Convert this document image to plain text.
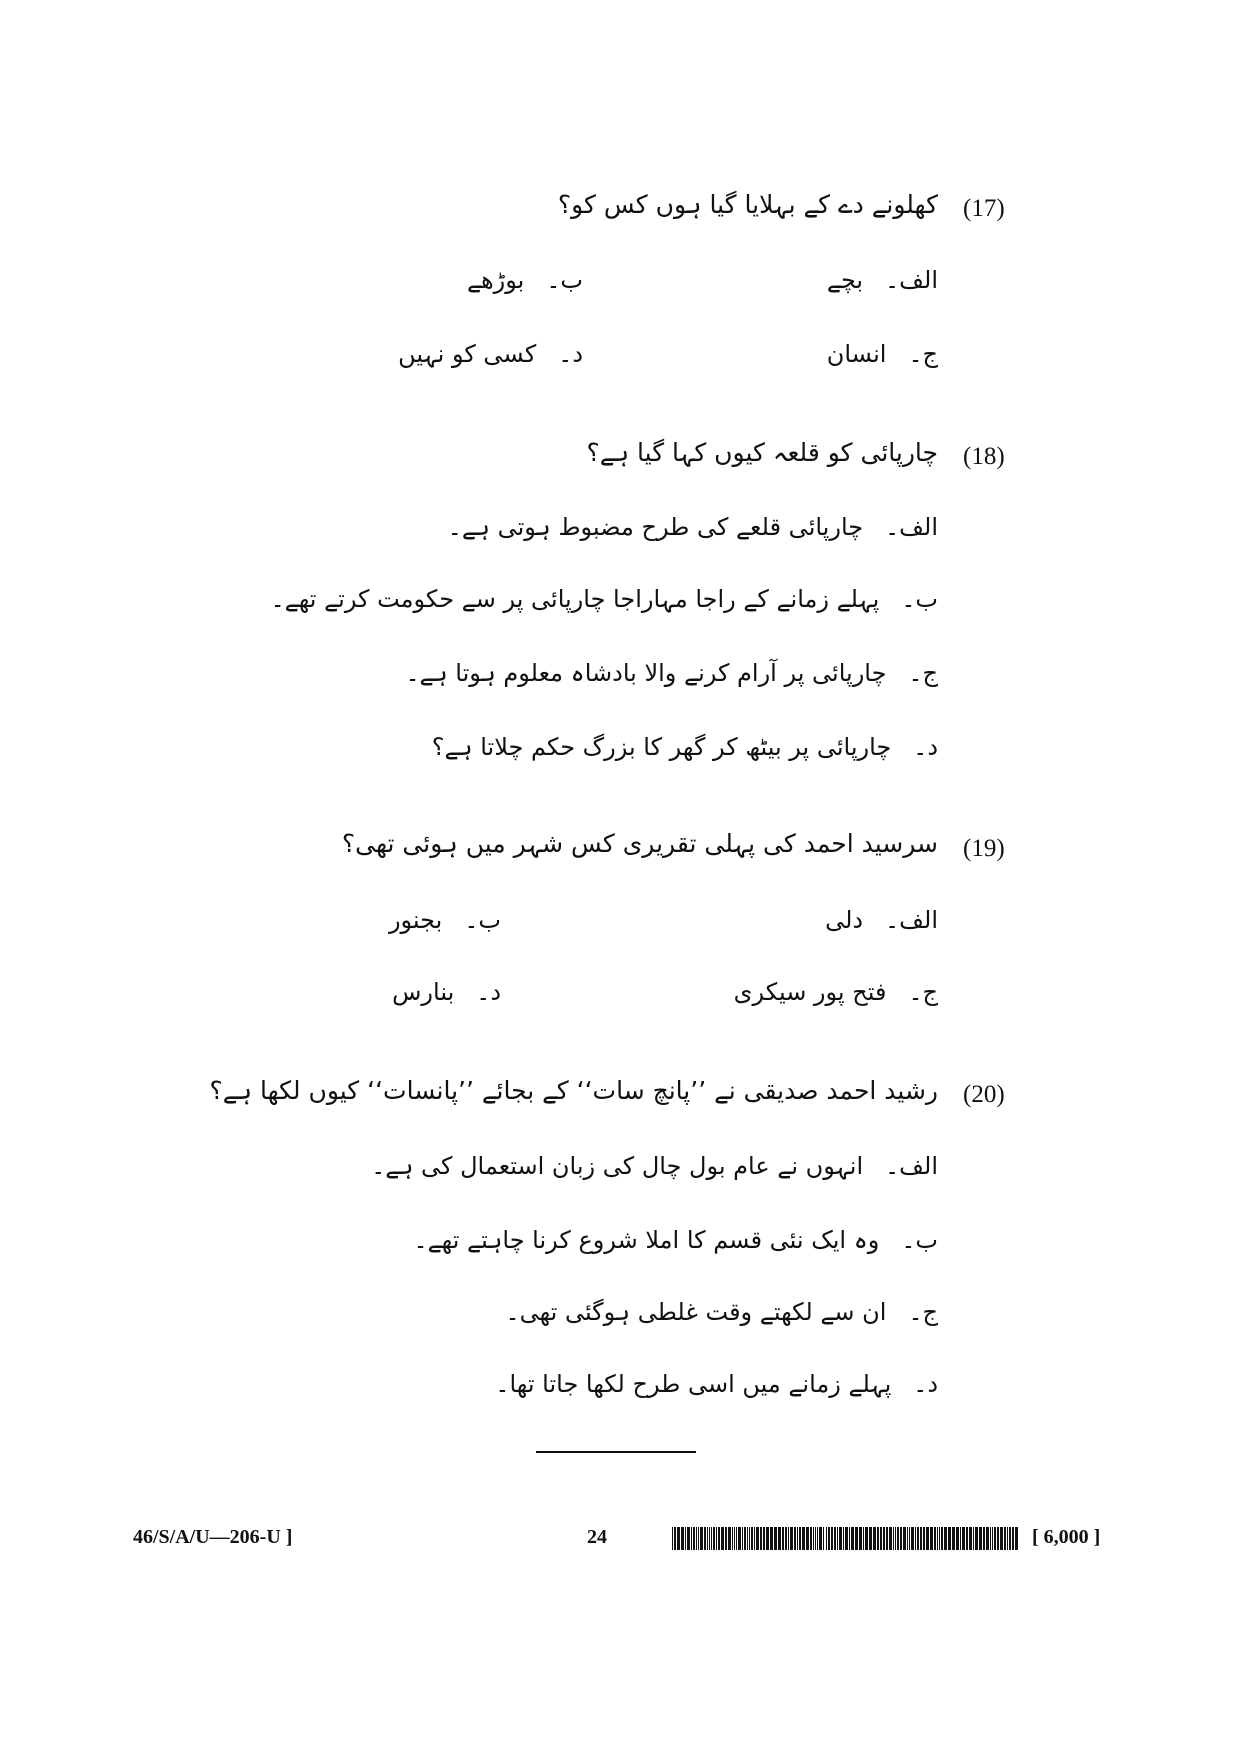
(17)
کھلونے دے کے بہلایا گیا ہوں کس کو؟
الف۔بچے
ب۔بوڑھے
ج۔انسان
د۔کسی کو نہیں
(18)
چارپائی کو قلعہ کیوں کہا گیا ہے؟
الف۔چارپائی قلعے کی طرح مضبوط ہوتی ہے۔
ب۔پہلے زمانے کے راجا مہاراجا چارپائی پر سے حکومت کرتے تھے۔
ج۔چارپائی پر آرام کرنے والا بادشاہ معلوم ہوتا ہے۔
د۔چارپائی پر بیٹھ کر گھر کا بزرگ حکم چلاتا ہے؟
(19)
سرسید احمد کی پہلی تقریری کس شہر میں ہوئی تھی؟
الف۔دلی
ب۔بجنور
ج۔فتح پور سیکری
د۔بنارس
(20)
رشید احمد صدیقی نے ’’پانچ سات‘‘ کے بجائے ’’پانسات‘‘ کیوں لکھا ہے؟
الف۔انہوں نے عام بول چال کی زبان استعمال کی ہے۔
ب۔وہ ایک نئی قسم کا املا شروع کرنا چاہتے تھے۔
ج۔ان سے لکھتے وقت غلطی ہوگئی تھی۔
د۔پہلے زمانے میں اسی طرح لکھا جاتا تھا۔
46/S/A/U—206-U ]	24	[ 6,000 ]
